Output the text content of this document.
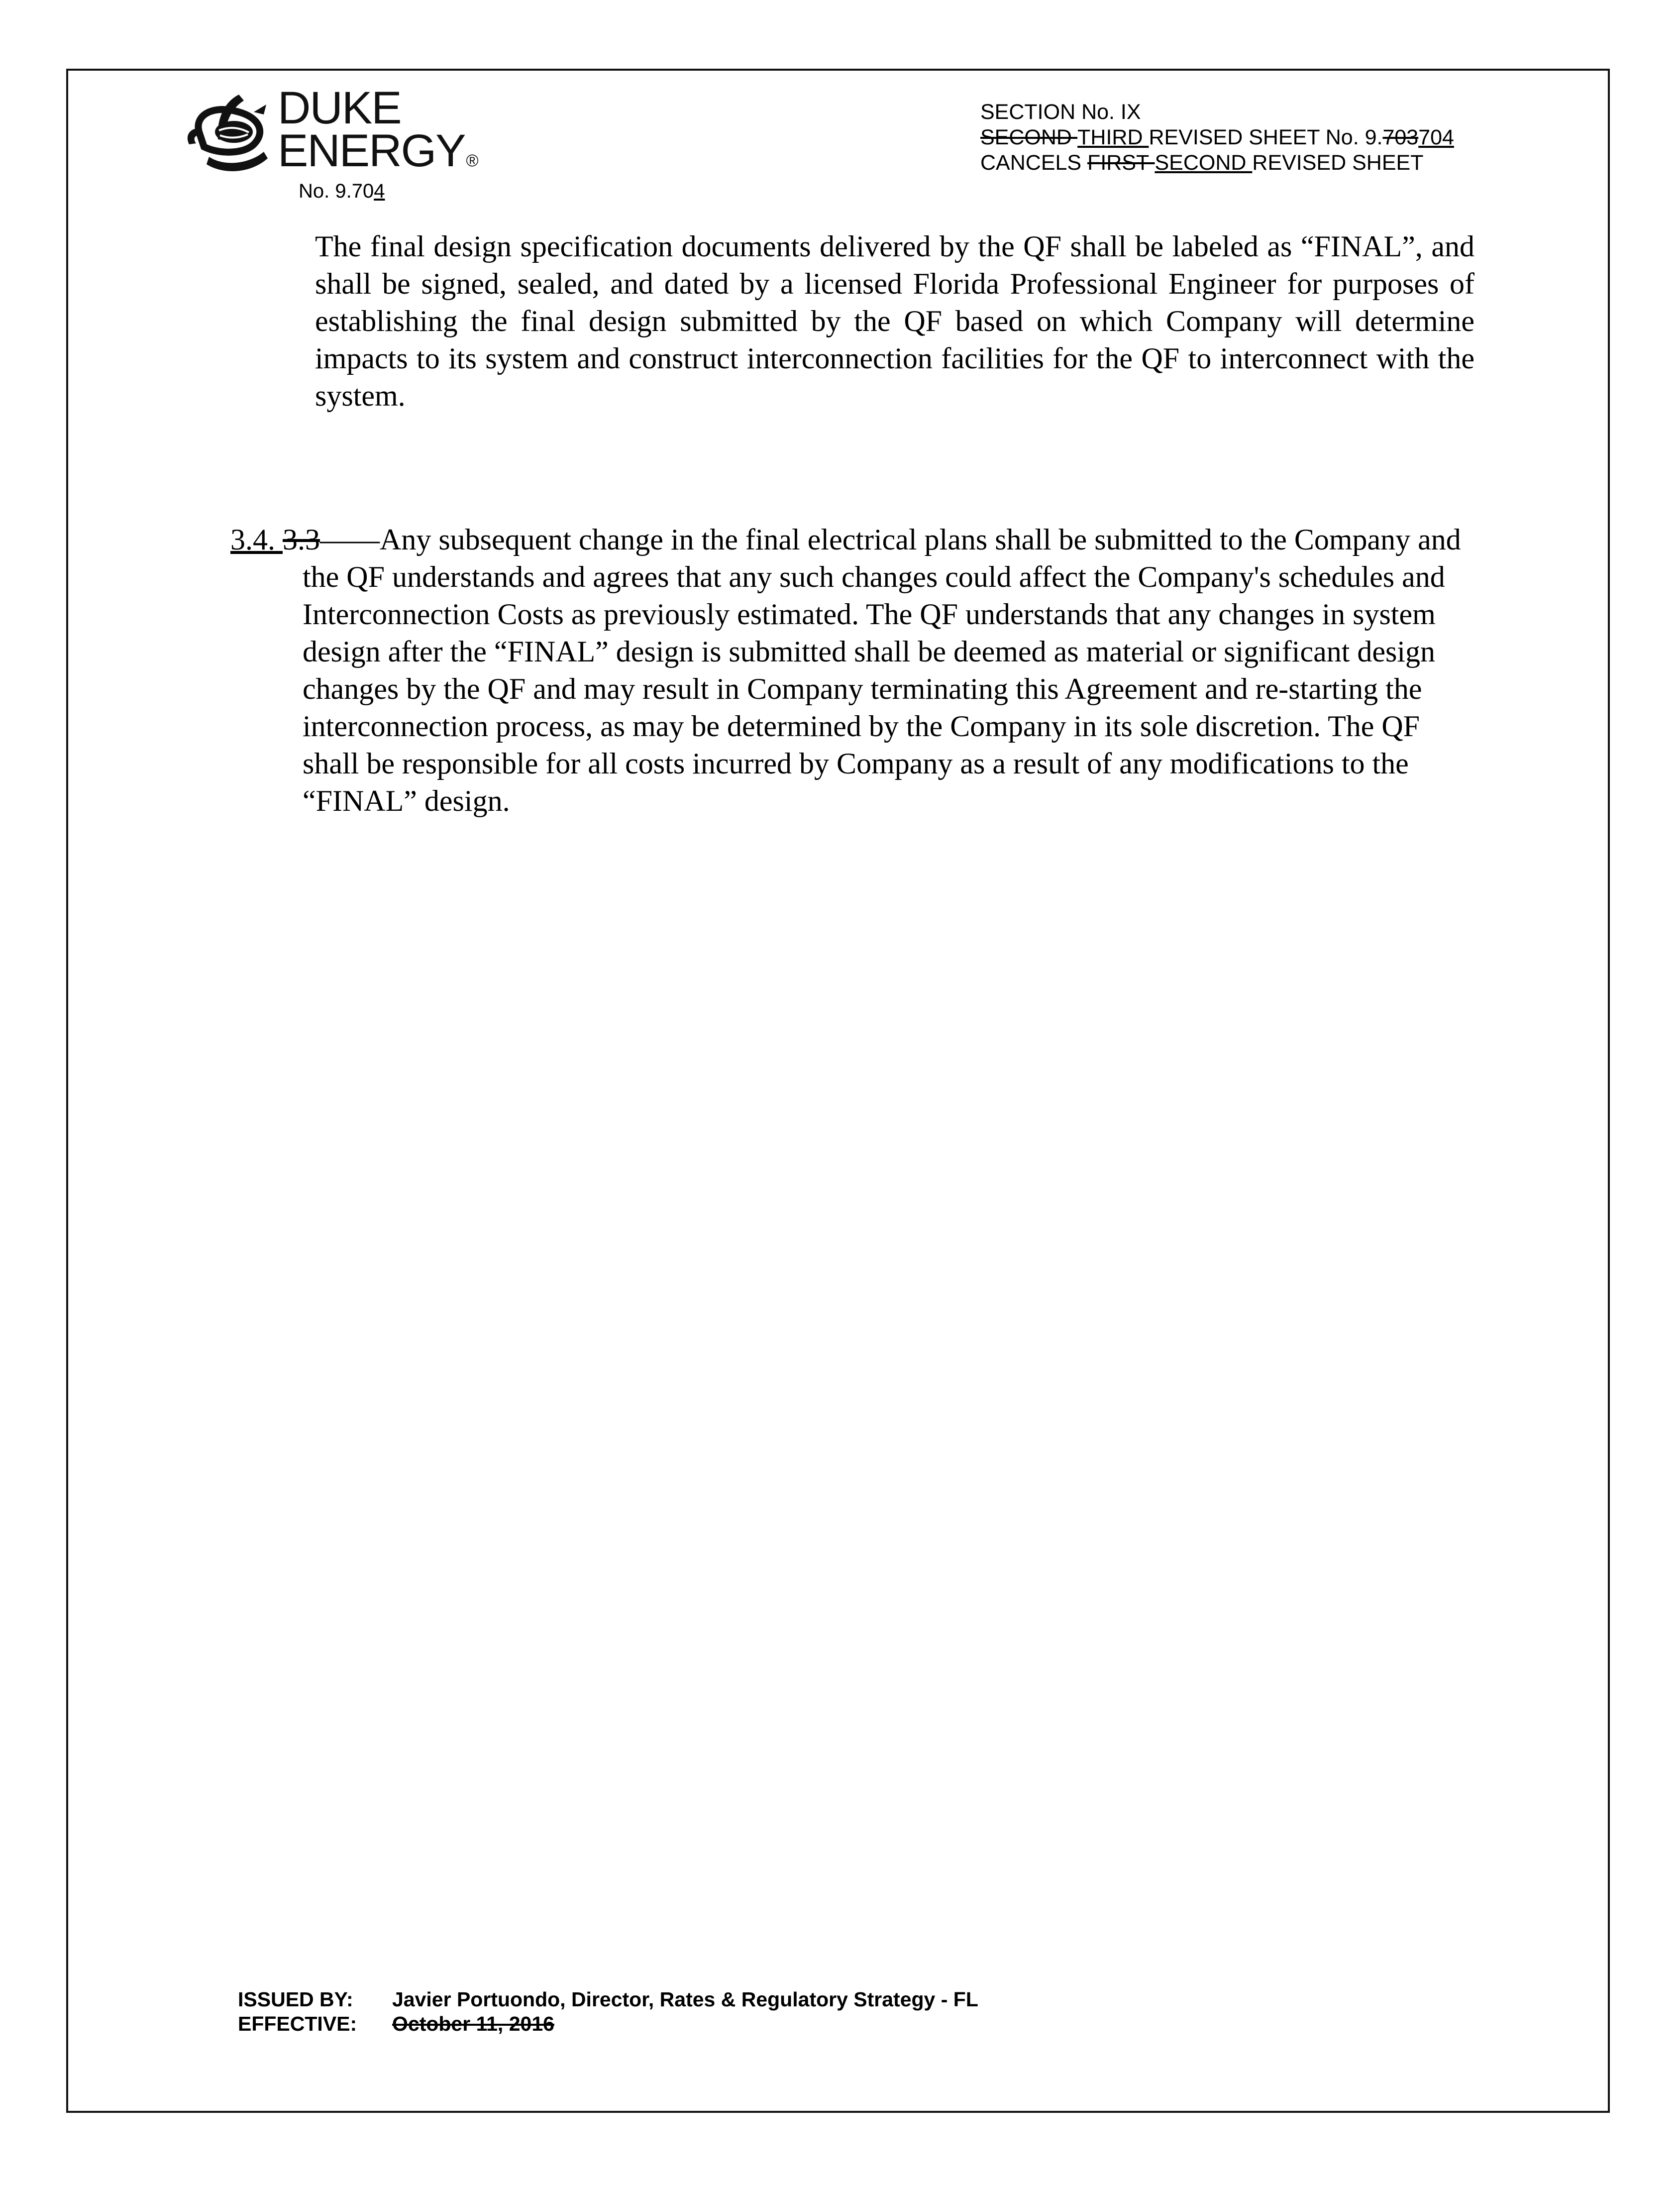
DUKE
ENERGY®
No. 9.704
SECTION No. IX
SECOND THIRD REVISED SHEET No. 9.703704
CANCELS FIRST SECOND REVISED SHEET
The final design specification documents delivered by the QF shall be labeled as “FINAL”, and shall be signed, sealed, and dated by a licensed Florida Professional Engineer for purposes of establishing the final design submitted by the QF based on which Company will determine impacts to its system and construct interconnection facilities for the QF to interconnect with the system.
3.4. 3.3——Any subsequent change in the final electrical plans shall be submitted to the Company and the QF understands and agrees that any such changes could affect the Company's schedules and Interconnection Costs as previously estimated. The QF understands that any changes in system design after the “FINAL” design is submitted shall be deemed as material or significant design changes by the QF and may result in Company terminating this Agreement and re-starting the interconnection process, as may be determined by the Company in its sole discretion. The QF shall be responsible for all costs incurred by Company as a result of any modifications to the “FINAL” design.
ISSUED BY: Javier Portuondo, Director, Rates & Regulatory Strategy - FL
EFFECTIVE: October 11, 2016
